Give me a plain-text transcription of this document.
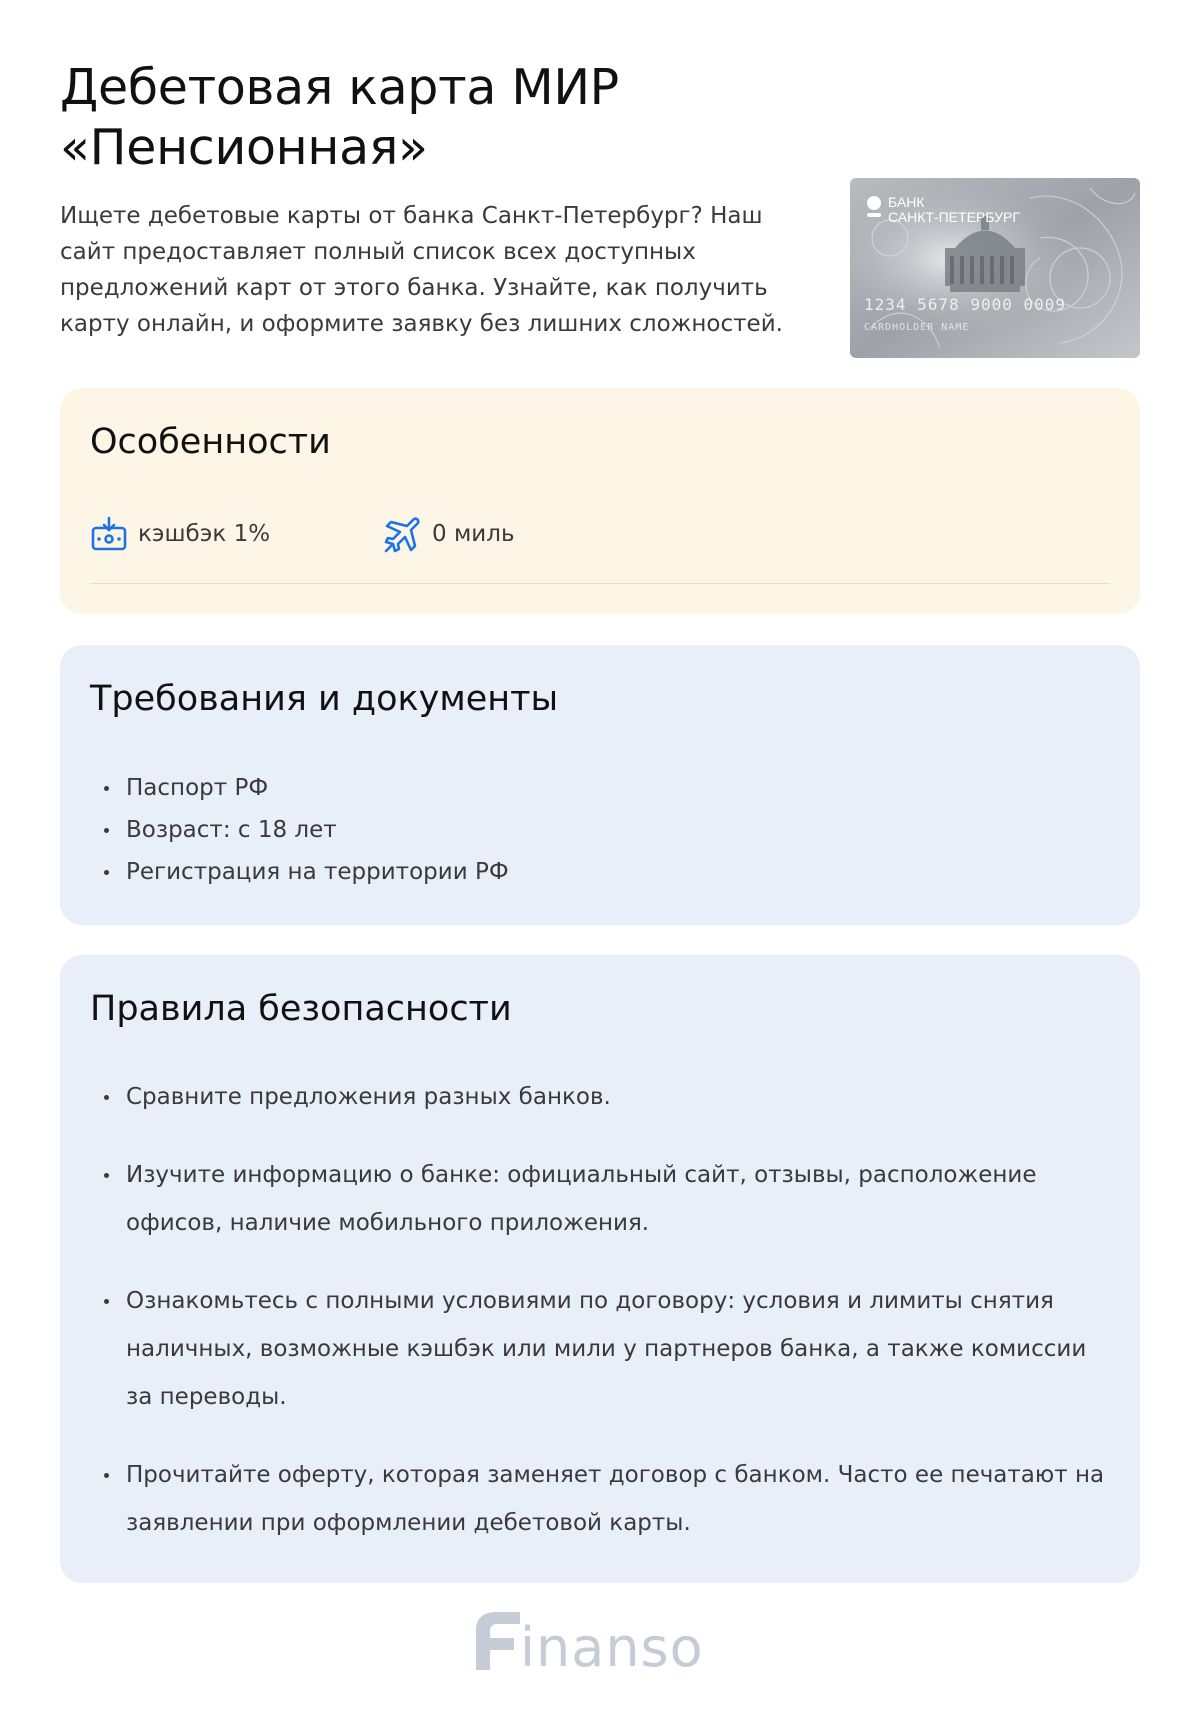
Дебетовая карта МИР
«Пенсионная»

Ищете дебетовые карты от банка Санкт-Петербург? Наш сайт предоставляет полный список всех доступных предложений карт от этого банка. Узнайте, как получить карту онлайн, и оформите заявку без лишних сложностей.

БАНК
САНКТ-ПЕТЕРБУРГ
1234 5678 9000 0009
CARDHOLDER NAME
Особенности
кэшбэк 1%	0 миль
Требования и документы
Паспорт РФ
Возраст: с 18 лет
Регистрация на территории РФ
Правила безопасности
Сравните предложения разных банков.
Изучите информацию о банке: официальный сайт, отзывы, расположение офисов, наличие мобильного приложения.
Ознакомьтесь с полными условиями по договору: условия и лимиты снятия наличных, возможные кэшбэк или мили у партнеров банка, а также комиссии за переводы.
Прочитайте оферту, которая заменяет договор с банком. Часто ее печатают на заявлении при оформлении дебетовой карты.
inanso
